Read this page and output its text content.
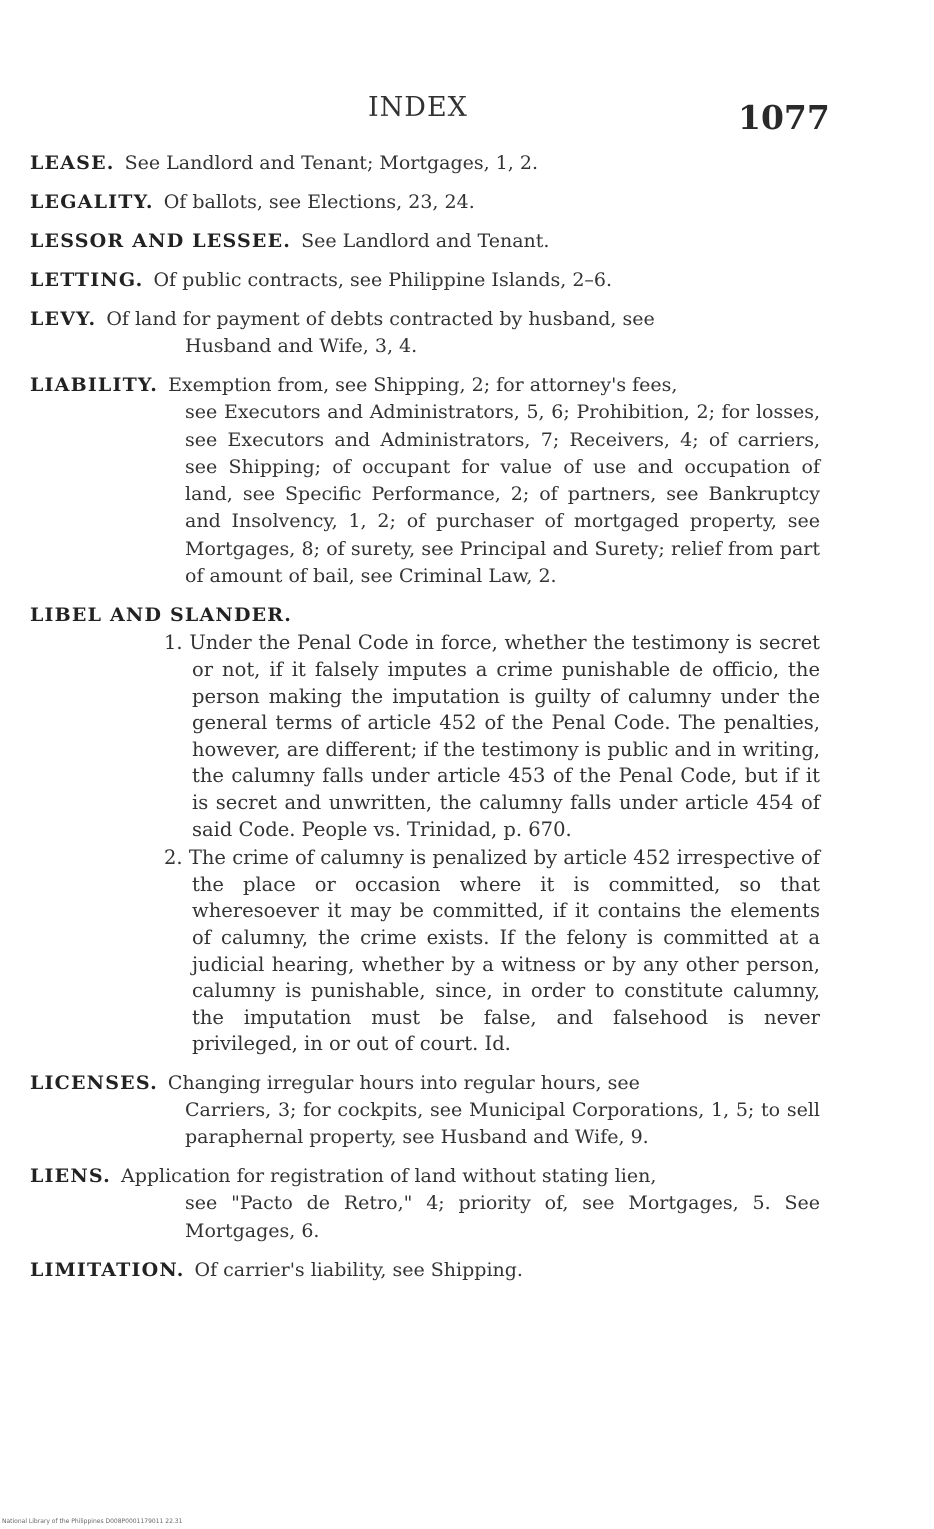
INDEX	1077
LEASE. See Landlord and Tenant; Mortgages, 1, 2.
LEGALITY. Of ballots, see Elections, 23, 24.
LESSOR AND LESSEE. See Landlord and Tenant.
LETTING. Of public contracts, see Philippine Islands, 2–6.
LEVY. Of land for payment of debts contracted by husband, see
Husband and Wife, 3, 4.
LIABILITY. Exemption from, see Shipping, 2; for attorney's fees,
see Executors and Administrators, 5, 6; Prohibition, 2; for losses, see Executors and Administrators, 7; Receivers, 4; of carriers, see Shipping; of occupant for value of use and occupation of land, see Specific Performance, 2; of partners, see Bankruptcy and Insolvency, 1, 2; of purchaser of mortgaged property, see Mortgages, 8; of surety, see Principal and Surety; relief from part of amount of bail, see Criminal Law, 2.
LIBEL AND SLANDER.
1. Under the Penal Code in force, whether the testimony is secret or not, if it falsely imputes a crime punishable de officio, the person making the imputation is guilty of calumny under the general terms of article 452 of the Penal Code. The penalties, however, are different; if the testimony is public and in writing, the calumny falls under article 453 of the Penal Code, but if it is secret and unwritten, the calumny falls under article 454 of said Code. People vs. Trinidad, p. 670.
2. The crime of calumny is penalized by article 452 irrespective of the place or occasion where it is committed, so that wheresoever it may be committed, if it contains the elements of calumny, the crime exists. If the felony is committed at a judicial hearing, whether by a witness or by any other person, calumny is punishable, since, in order to constitute calumny, the imputation must be false, and falsehood is never privileged, in or out of court. Id.
LICENSES. Changing irregular hours into regular hours, see
Carriers, 3; for cockpits, see Municipal Corporations, 1, 5; to sell paraphernal property, see Husband and Wife, 9.
LIENS. Application for registration of land without stating lien,
see "Pacto de Retro," 4; priority of, see Mortgages, 5. See Mortgages, 6.
LIMITATION. Of carrier's liability, see Shipping.
National Library of the Philippines D008P0001179011 22.31
